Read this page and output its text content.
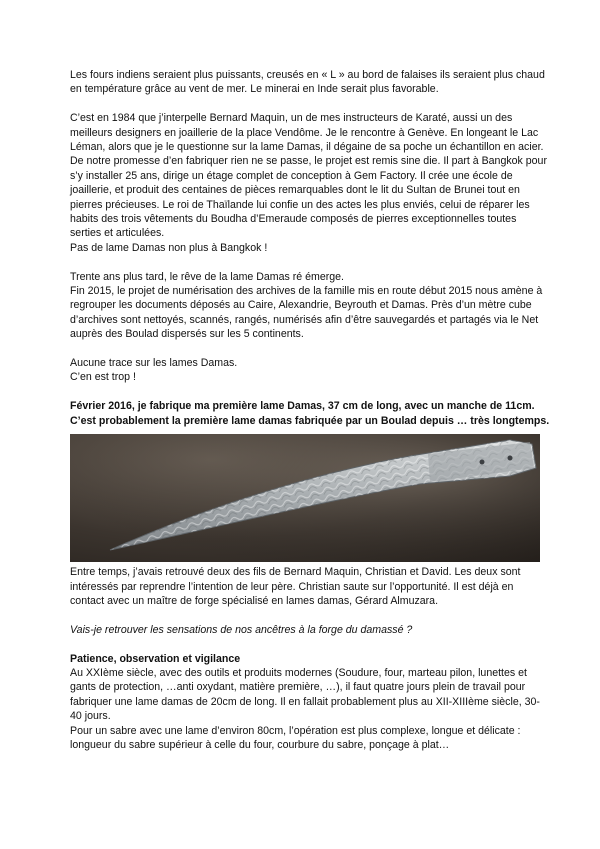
Les fours indiens seraient plus puissants, creusés en « L » au bord de falaises ils seraient plus chaud
en température grâce au vent de mer. Le minerai en Inde serait plus favorable.

C’est en 1984 que j’interpelle Bernard Maquin, un de mes instructeurs de Karaté, aussi un des
meilleurs designers en joaillerie de la place Vendôme. Je le rencontre à Genève. En longeant le Lac
Léman, alors que je le questionne sur la lame Damas, il dégaine de sa poche un échantillon en acier.
De notre promesse d’en fabriquer rien ne se passe, le projet est remis sine die. Il part à Bangkok pour
s’y installer 25 ans, dirige un étage complet de conception à Gem Factory. Il crée une école de
joaillerie, et produit des centaines de pièces remarquables dont le lit du Sultan de Brunei tout en
pierres précieuses. Le roi de Thaïlande lui confie un des actes les plus enviés, celui de réparer les
habits des trois vêtements du Boudha d’Emeraude composés de pierres exceptionnelles toutes
serties et articulées.
Pas de lame Damas non plus à Bangkok !

Trente ans plus tard, le rêve de la lame Damas ré émerge.
Fin 2015, le projet de numérisation des archives de la famille mis en route début 2015 nous amène à
regrouper les documents déposés au Caire, Alexandrie, Beyrouth et Damas. Près d’un mètre cube
d’archives sont nettoyés, scannés, rangés, numérisés afin d’être sauvegardés et partagés via le Net
auprès des Boulad dispersés sur les 5 continents.

Aucune trace sur les lames Damas.
C’en est trop !

Février 2016, je fabrique ma première lame Damas, 37 cm de long, avec un manche de 11cm.
C’est probablement la première lame damas fabriquée par un Boulad depuis … très longtemps.

Entre temps, j’avais retrouvé deux des fils de Bernard Maquin, Christian et David. Les deux sont
intéressés par reprendre l’intention de leur père. Christian saute sur l’opportunité. Il est déjà en
contact avec un maître de forge spécialisé en lames damas, Gérard Almuzara.

Vais-je retrouver les sensations de nos ancêtres à la forge du damassé ?

Patience, observation et vigilance
Au XXIème siècle, avec des outils et produits modernes (Soudure, four, marteau pilon, lunettes et
gants de protection, …anti oxydant, matière première, …), il faut quatre jours plein de travail pour
fabriquer une lame damas de 20cm de long. Il en fallait probablement plus au XII-XIIIème siècle, 30-
40 jours.
Pour un sabre avec une lame d’environ 80cm, l’opération est plus complexe, longue et délicate :
longueur du sabre supérieur à celle du four, courbure du sabre, ponçage à plat…
